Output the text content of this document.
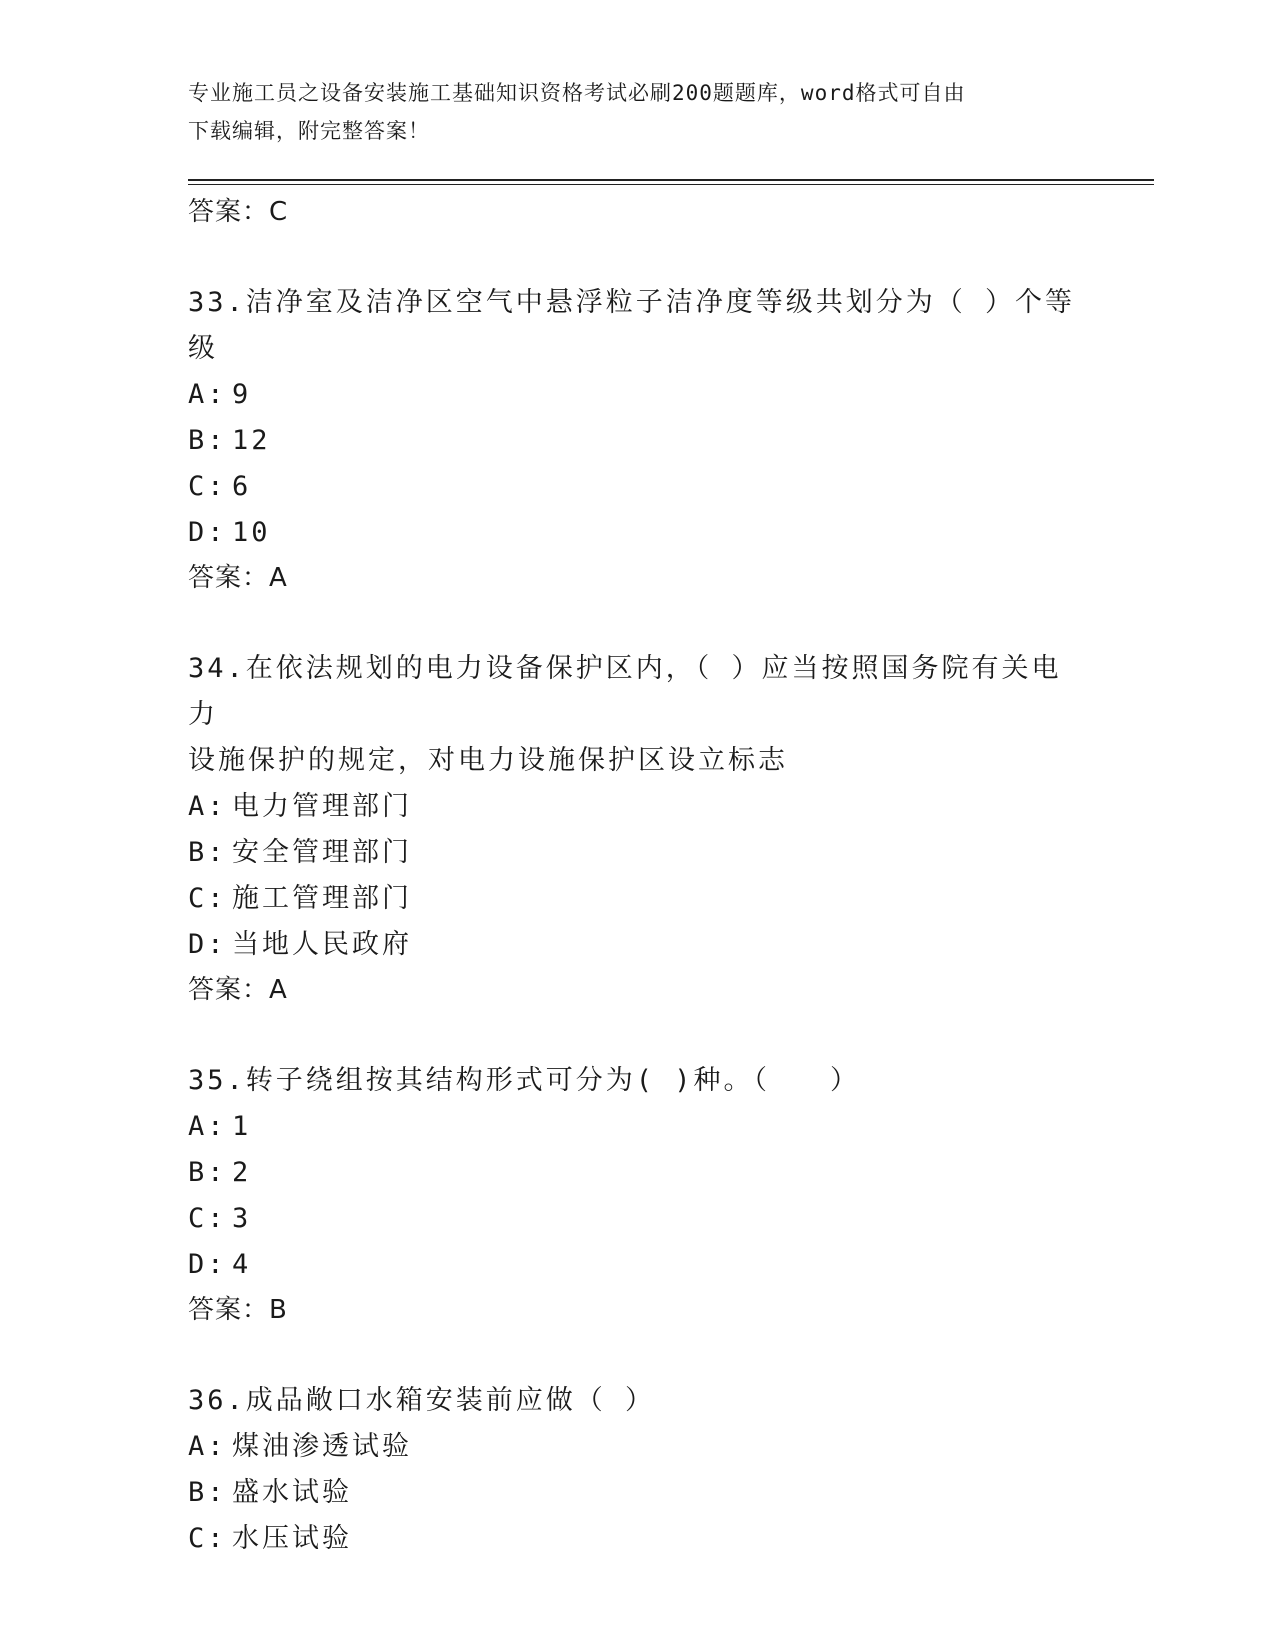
专业施工员之设备安装施工基础知识资格考试必刷200题题库，word格式可自由
下载编辑，附完整答案！
答案：C
33.洁净室及洁净区空气中悬浮粒子洁净度等级共划分为（ ）个等级
A: 9
B: 12
C: 6
D: 10
答案：A
34.在依法规划的电力设备保护区内，（ ）应当按照国务院有关电力
设施保护的规定，对电力设施保护区设立标志
A: 电力管理部门
B: 安全管理部门
C: 施工管理部门
D: 当地人民政府
答案：A
35.转子绕组按其结构形式可分为( )种。（　　）
A: 1
B: 2
C: 3
D: 4
答案：B
36.成品敞口水箱安装前应做（ ）
A: 煤油渗透试验
B: 盛水试验
C: 水压试验
